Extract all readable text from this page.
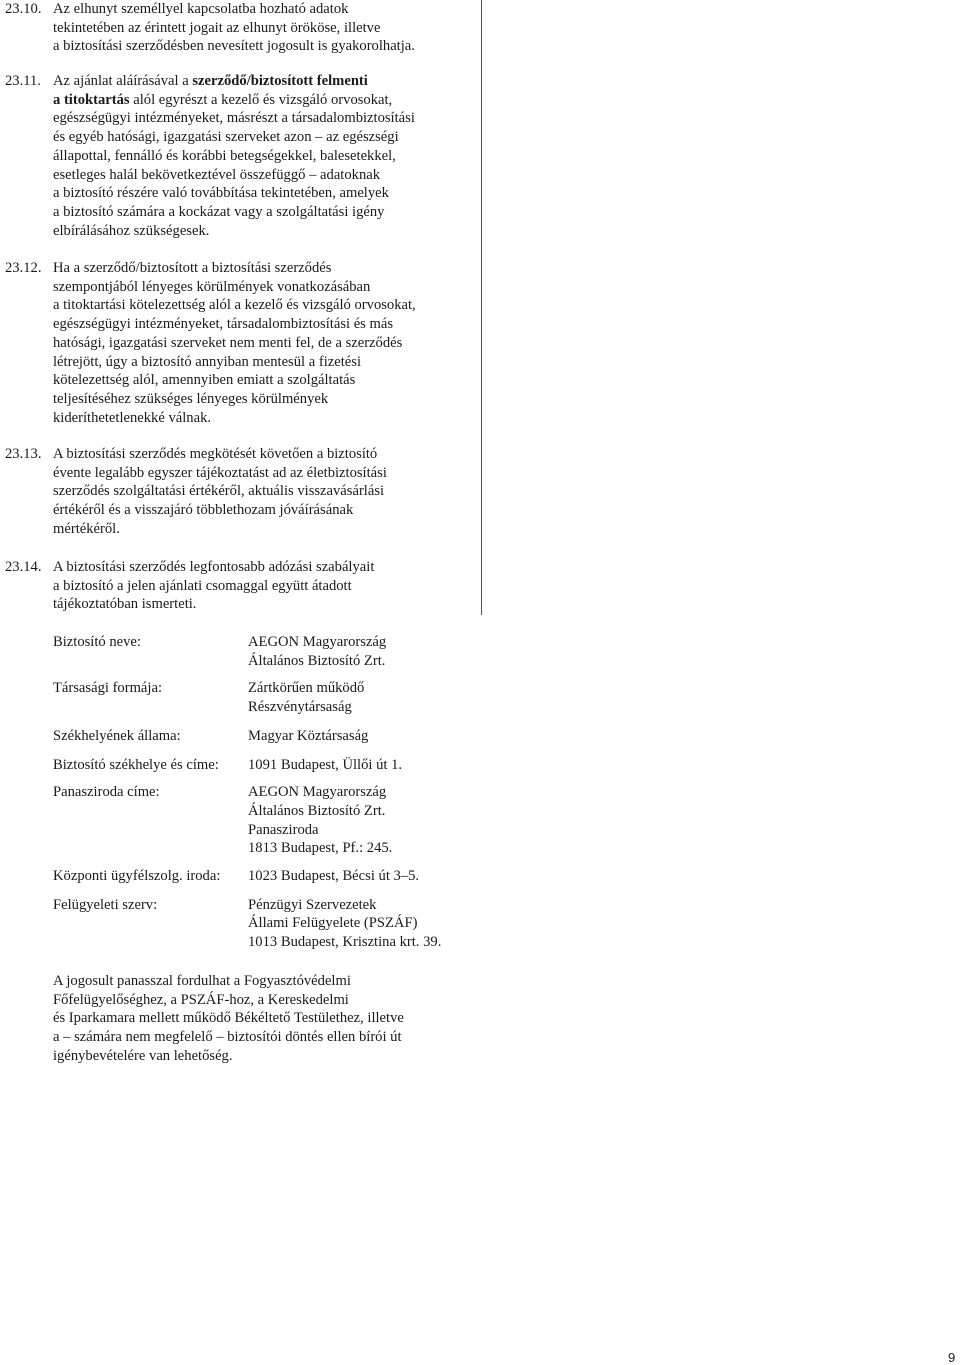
23.10. Az elhunyt személlyel kapcsolatba hozható adatok
tekintetében az érintett jogait az elhunyt örököse, illetve
a biztosítási szerződésben nevesített jogosult is gyakorolhatja.
23.11. Az ajánlat aláírásával a szerződő/biztosított felmenti
a titoktartás alól egyrészt a kezelő és vizsgáló orvosokat,
egészségügyi intézményeket, másrészt a társadalombiztosítási
és egyéb hatósági, igazgatási szerveket azon – az egészségi
állapottal, fennálló és korábbi betegségekkel, balesetekkel,
esetleges halál bekövetkeztével összefüggő – adatoknak
a biztosító részére való továbbítása tekintetében, amelyek
a biztosító számára a kockázat vagy a szolgáltatási igény
elbírálásához szükségesek.
23.12. Ha a szerződő/biztosított a biztosítási szerződés
szempontjából lényeges körülmények vonatkozásában
a titoktartási kötelezettség alól a kezelő és vizsgáló orvosokat,
egészségügyi intézményeket, társadalombiztosítási és más
hatósági, igazgatási szerveket nem menti fel, de a szerződés
létrejött, úgy a biztosító annyiban mentesül a fizetési
kötelezettség alól, amennyiben emiatt a szolgáltatás
teljesítéséhez szükséges lényeges körülmények
kideríthetetlenekké válnak.
23.13. A biztosítási szerződés megkötését követően a biztosító
évente legalább egyszer tájékoztatást ad az életbiztosítási
szerződés szolgáltatási értékéről, aktuális visszavásárlási
értékéről és a visszajáró többlethozam jóváírásának
mértékéről.
23.14. A biztosítási szerződés legfontosabb adózási szabályait
a biztosító a jelen ajánlati csomaggal együtt átadott
tájékoztatóban ismerteti.
Biztosító neve:	AEGON Magyarország
Általános Biztosító Zrt.
Társasági formája:	Zártkörűen működő
Részvénytársaság
Székhelyének állama:	Magyar Köztársaság
Biztosító székhelye és címe: 1091 Budapest, Üllői út 1.
Panasziroda címe:	AEGON Magyarország
Általános Biztosító Zrt.
Panasziroda
1813 Budapest, Pf.: 245.
Központi ügyfélszolg. iroda: 1023 Budapest, Bécsi út 3–5.
Felügyeleti szerv:	Pénzügyi Szervezetek
Állami Felügyelete (PSZÁF)
1013 Budapest, Krisztina krt. 39.
A jogosult panasszal fordulhat a Fogyasztóvédelmi
Főfelügyelőséghez, a PSZÁF-hoz, a Kereskedelmi
és Iparkamara mellett működő Békéltető Testülethez, illetve
a – számára nem megfelelő – biztosítói döntés ellen bírói út
igénybevételére van lehetőség.
9
